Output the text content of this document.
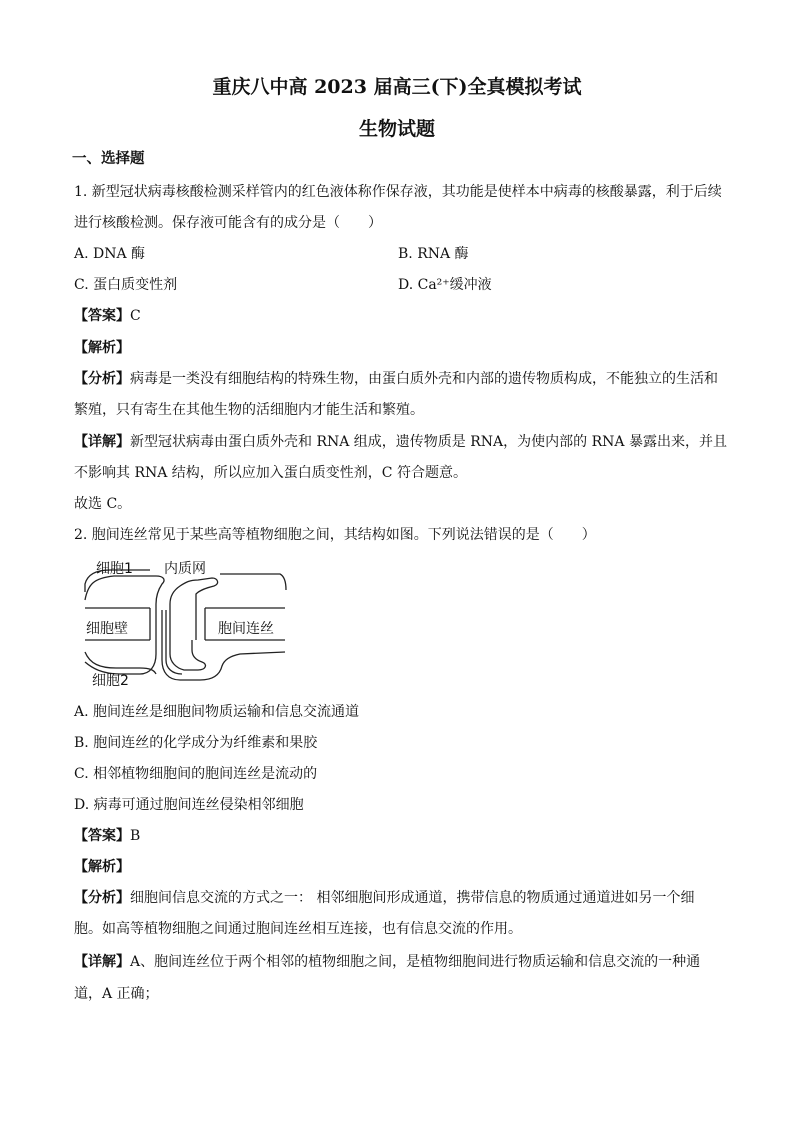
重庆八中高 2023 届高三(下)全真模拟考试
生物试题
一、选择题
1. 新型冠状病毒核酸检测采样管内的红色液体称作保存液，其功能是使样本中病毒的核酸暴露，利于后续
进行核酸检测。保存液可能含有的成分是（　　）
A. DNA 酶	B. RNA 酶
C. 蛋白质变性剂	D. Ca²⁺缓冲液
【答案】C
【解析】
【分析】病毒是一类没有细胞结构的特殊生物，由蛋白质外壳和内部的遗传物质构成，不能独立的生活和
繁殖，只有寄生在其他生物的活细胞内才能生活和繁殖。
【详解】新型冠状病毒由蛋白质外壳和 RNA 组成，遗传物质是 RNA，为使内部的 RNA 暴露出来，并且
不影响其 RNA 结构，所以应加入蛋白质变性剂，C 符合题意。
故选 C。
2. 胞间连丝常见于某些高等植物细胞之间，其结构如图。下列说法错误的是（　　）
细胞1 内质网
细胞壁	胞间连丝
细胞2
A. 胞间连丝是细胞间物质运输和信息交流通道
B. 胞间连丝的化学成分为纤维素和果胶
C. 相邻植物细胞间的胞间连丝是流动的
D. 病毒可通过胞间连丝侵染相邻细胞
【答案】B
【解析】
【分析】细胞间信息交流的方式之一： 相邻细胞间形成通道，携带信息的物质通过通道进如另一个细
胞。如高等植物细胞之间通过胞间连丝相互连接，也有信息交流的作用。
【详解】A、胞间连丝位于两个相邻的植物细胞之间，是植物细胞间进行物质运输和信息交流的一种通
道，A 正确；
